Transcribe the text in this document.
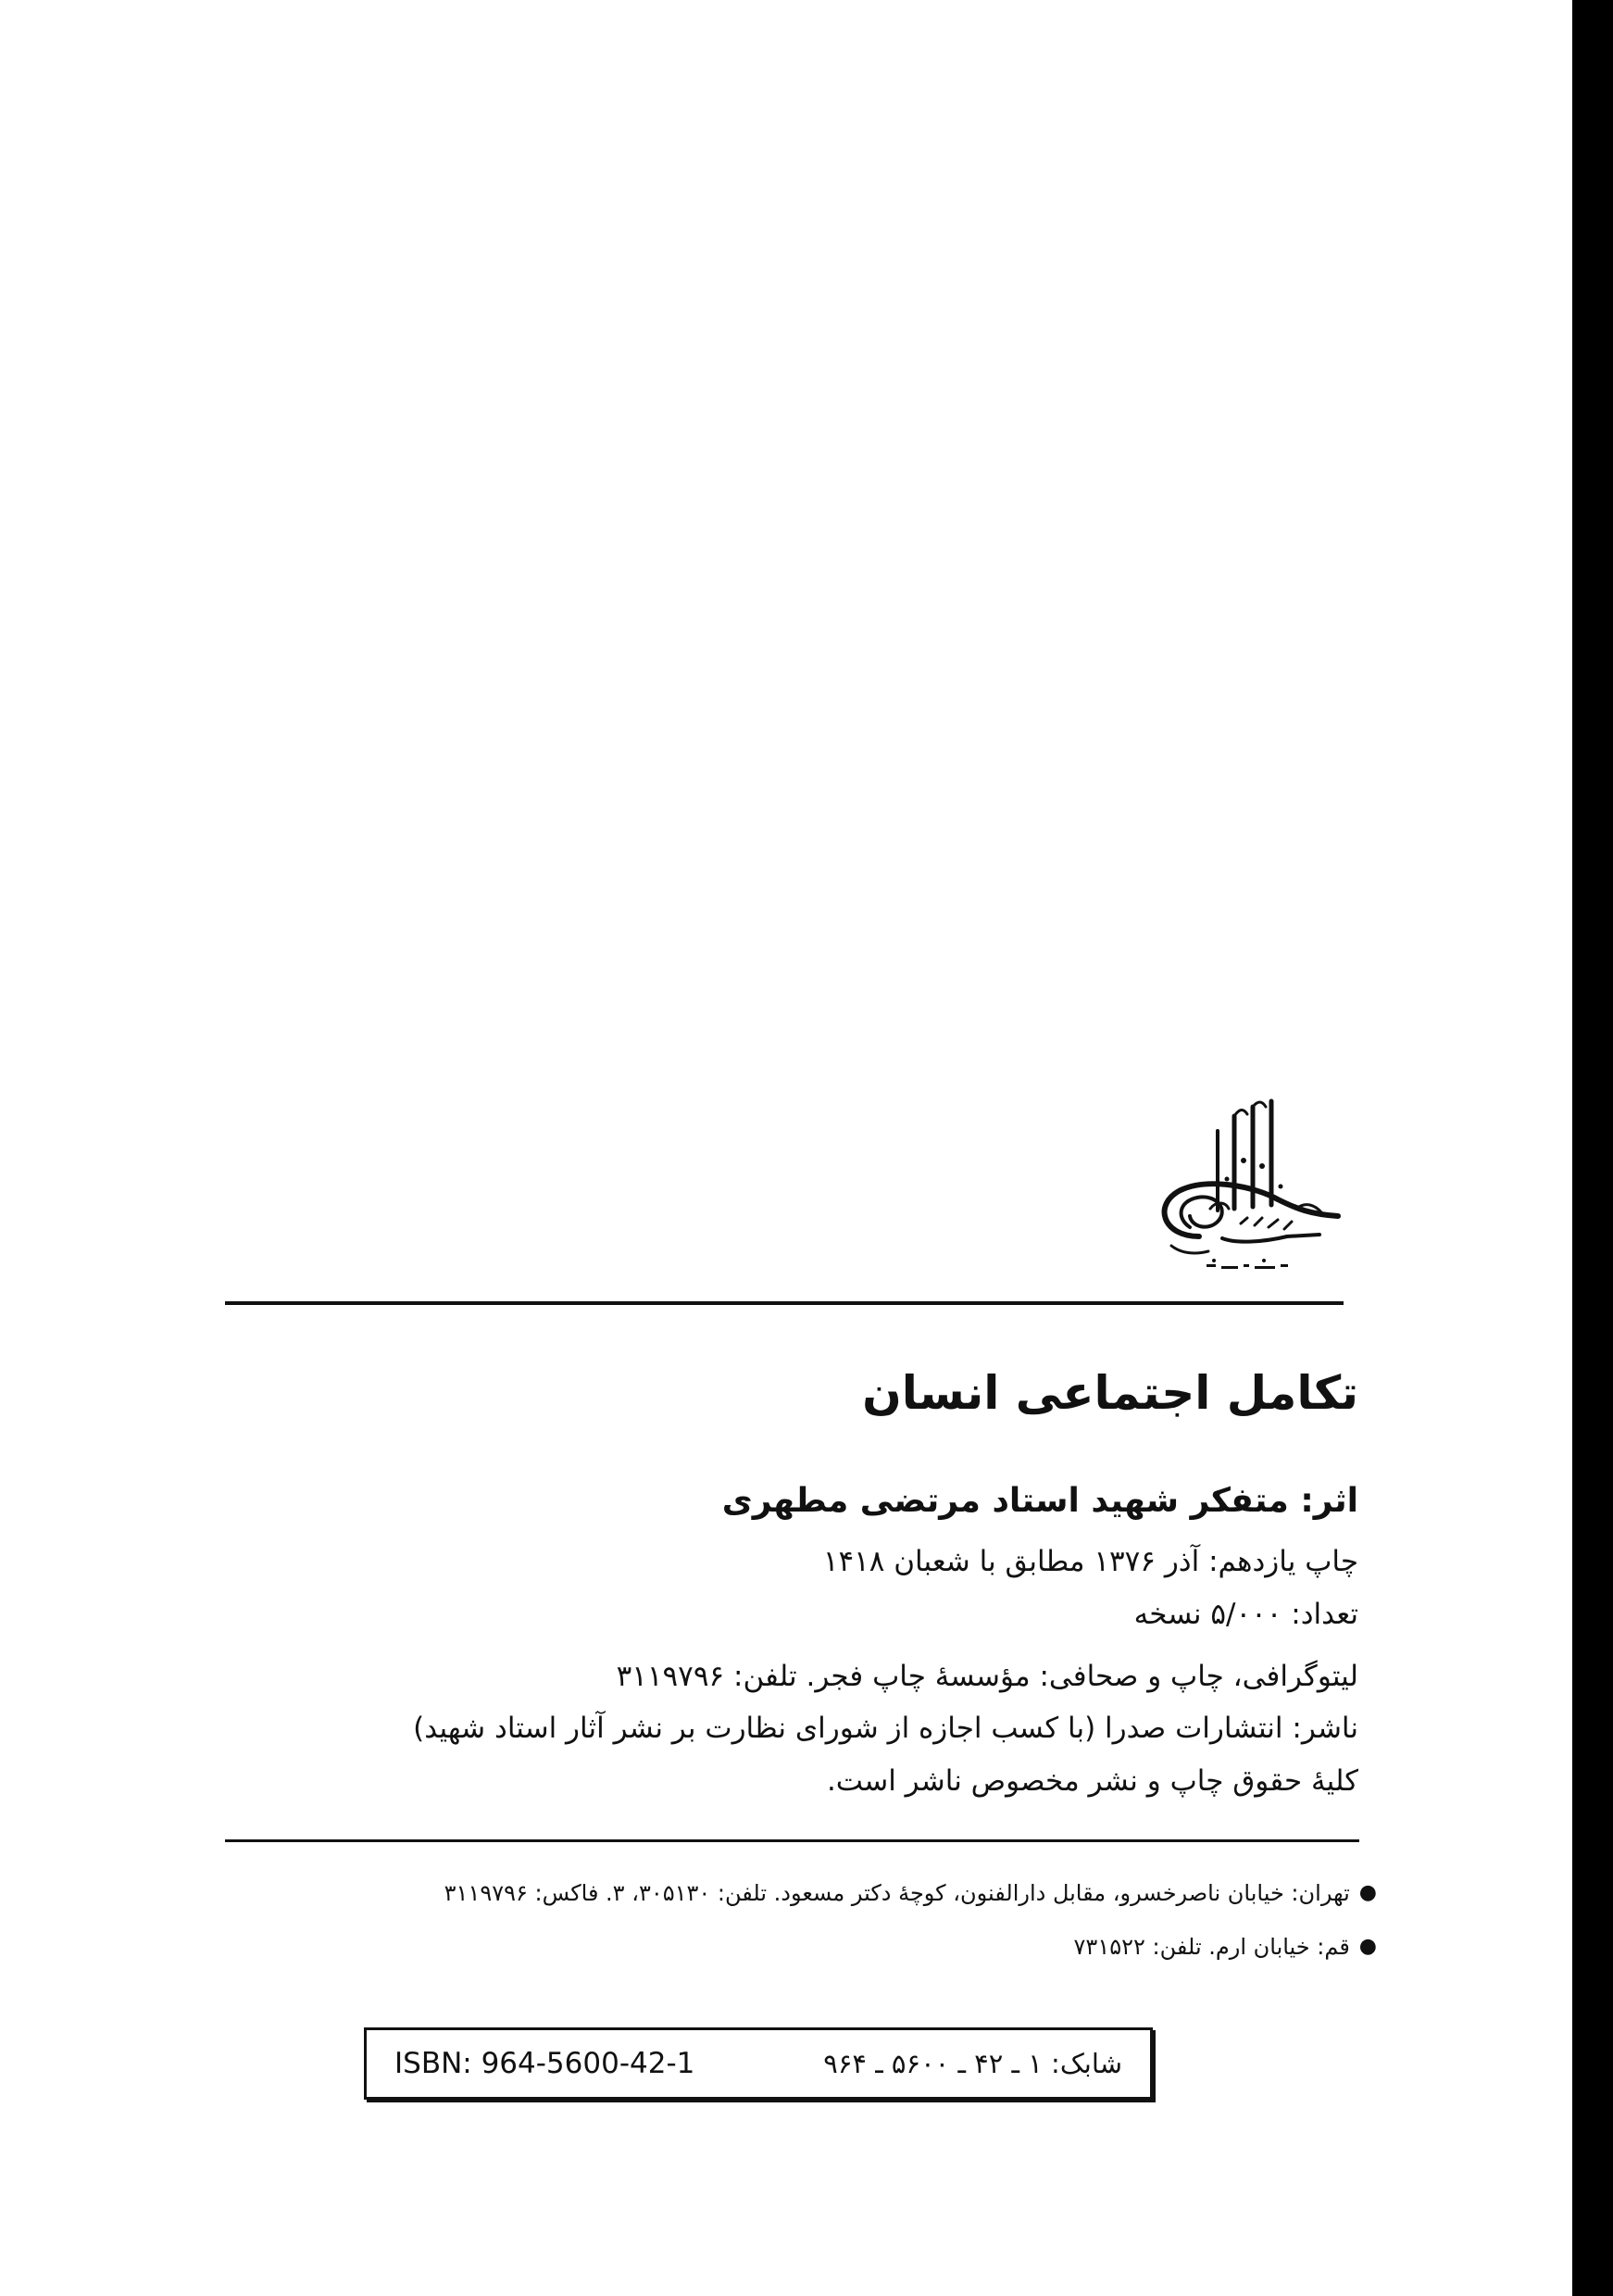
تکامل اجتماعی انسان
اثر: متفکر شهید استاد مرتضی مطهری
چاپ یازدهم: آذر ۱۳۷۶ مطابق با شعبان ۱۴۱۸
تعداد: ۵/۰۰۰ نسخه
لیتوگرافی، چاپ و صحافی: مؤسسهٔ چاپ فجر. تلفن: ۳۱۱۹۷۹۶
ناشر: انتشارات صدرا (با کسب اجازه از شورای نظارت بر نشر آثار استاد شهید)
کلیهٔ حقوق چاپ و نشر مخصوص ناشر است.
●
تهران: خیابان ناصرخسرو، مقابل دارالفنون، کوچهٔ دکتر مسعود. تلفن: ۳۰۵۱۳۰، ۳. فاکس: ۳۱۱۹۷۹۶
●
قم: خیابان ارم. تلفن: ۷۳۱۵۲۲
ISBN: 964-5600-42-1	شابک: ۱ ـ ۴۲ ـ ۵۶۰۰ ـ ۹۶۴
